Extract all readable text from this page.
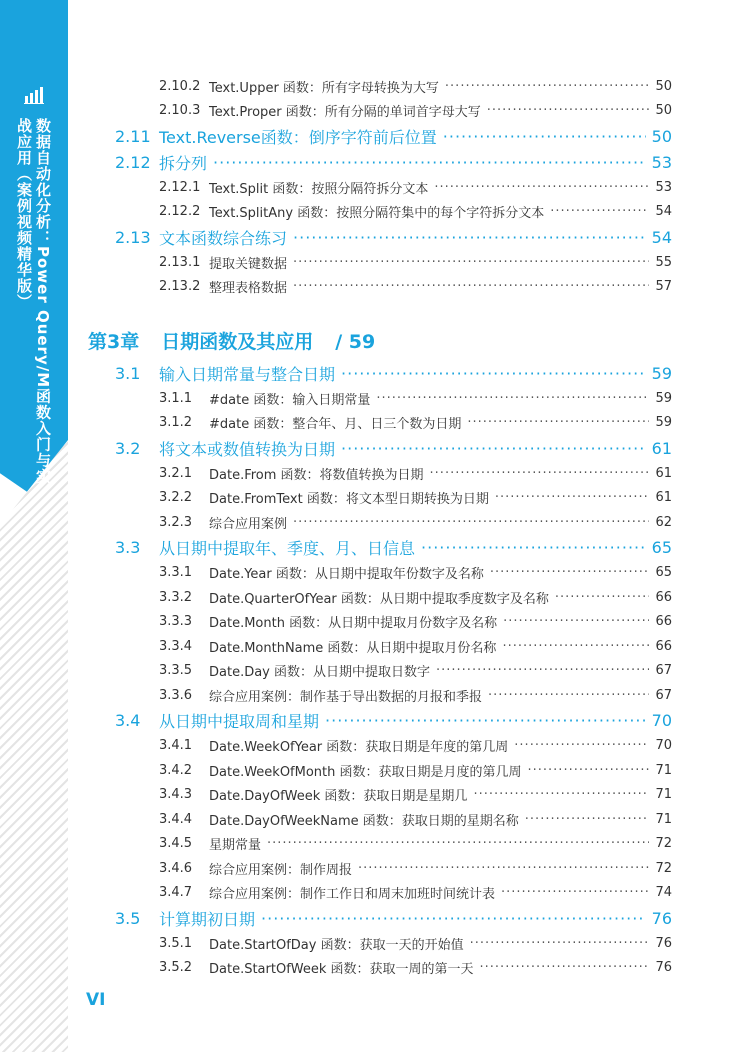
数据自动化分析：Power Query/M函数入门与实战应用（案例视频精华版）
第3章 日期函数及其应用 / 59
VI
2.10.2 Text.Upper 函数：所有字母转换为大写 ·····	50
2.10.3 Text.Proper 函数：所有分隔的单词首字母大写 ·····	50
2.11 Text.Reverse函数：倒序字符前后位置 ·····	50
2.12 拆分列 ·····	53
2.12.1 Text.Split 函数：按照分隔符拆分文本 ·····	53
2.12.2 Text.SplitAny 函数：按照分隔符集中的每个字符拆分文本 ·····	54
2.13 文本函数综合练习 ·····	54
2.13.1 提取关键数据 ·····	55
2.13.2 整理表格数据 ·····	57
3.1	输入日期常量与整合日期 ·····	59
3.1.1	#date 函数：输入日期常量 ·····	59
3.1.2	#date 函数：整合年、月、日三个数为日期 ·····	59
3.2	将文本或数值转换为日期 ·····	61
3.2.1	Date.From 函数：将数值转换为日期 ·····	61
3.2.2	Date.FromText 函数：将文本型日期转换为日期 ·····	61
3.2.3	综合应用案例 ·····	62
3.3	从日期中提取年、季度、月、日信息 ·····	65
3.3.1	Date.Year 函数：从日期中提取年份数字及名称 ·····	65
3.3.2	Date.QuarterOfYear 函数：从日期中提取季度数字及名称 ·····	66
3.3.3	Date.Month 函数：从日期中提取月份数字及名称 ·····	66
3.3.4	Date.MonthName 函数：从日期中提取月份名称 ·····	66
3.3.5	Date.Day 函数：从日期中提取日数字 ·····	67
3.3.6	综合应用案例：制作基于导出数据的月报和季报 ·····	67
3.4	从日期中提取周和星期 ·····	70
3.4.1	Date.WeekOfYear 函数：获取日期是年度的第几周 ·····	70
3.4.2	Date.WeekOfMonth 函数：获取日期是月度的第几周 ·····	71
3.4.3	Date.DayOfWeek 函数：获取日期是星期几 ·····	71
3.4.4	Date.DayOfWeekName 函数：获取日期的星期名称 ·····	71
3.4.5	星期常量 ·····	72
3.4.6	综合应用案例：制作周报 ·····	72
3.4.7	综合应用案例：制作工作日和周末加班时间统计表 ·····	74
3.5	计算期初日期 ·····	76
3.5.1	Date.StartOfDay 函数：获取一天的开始值 ·····	76
3.5.2	Date.StartOfWeek 函数：获取一周的第一天 ·····	76
